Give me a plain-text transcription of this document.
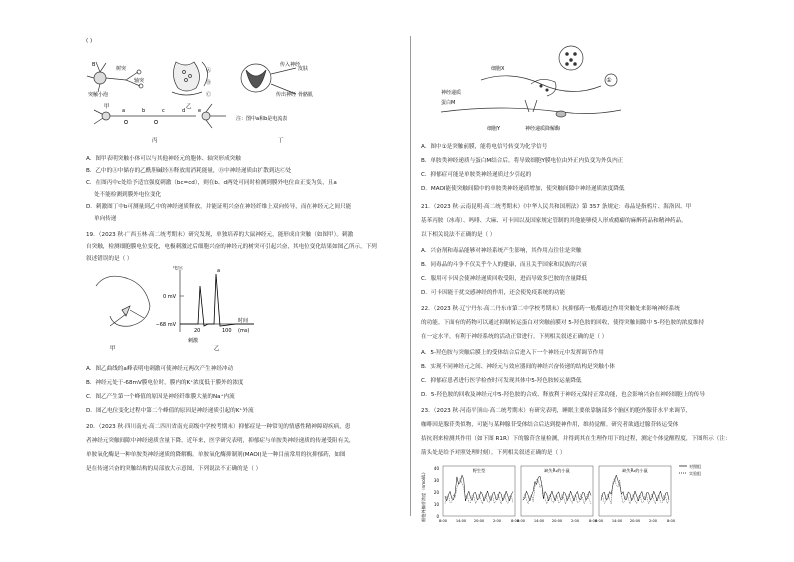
( )
B
树突
轴突
突触小泡
甲
Ⓐ
Ⓑ
Ⓒ
乙
传入神经
皮肤
传出神经 骨骼肌
注：图中a和b是电流表
丁
a	b	c	d	e
丙
A．图甲表明突触小体可以与其他神经元的胞体、轴突形成突触
B．乙中的Ⓐ中储存的乙酰胆碱经Ⓑ释放需消耗能量，Ⓑ中神经递质由扩散到达Ⓒ处
C．在图丙中c处给予适宜强度刺激（bc=cd），则在b、d两处可同时检测到膜外电位由正变为负，且a
处不能检测到膜外电位变化
D．刺激图丁中b可测量到乙中的神经递质释放，并能证明兴奋在神经纤维上双向传导，而在神经元之间只能
单向传递
19．（2023 秋·广西玉林·高二统考期末）研究发现，单独培养的大鼠神经元，能形成自突触（如图甲）。刺激
自突触，检测细胞膜电位变化，电极刺激过后细胞兴奋的神经元的树突可引起兴奋，其电位变化结果如图乙所示，下列
叙述错误的是（ ）
甲
电位
0 mV
−68 mV
a
20	100 (ms)
时间
刺激
乙
A．图乙曲线的a峰表明电刺激可使神经元两次产生神经冲动
B．神经元处于-68mV膜电位时，膜内的K⁺浓度低于膜外的浓度
C．图乙产生第一个峰值的原因是神经纤维膜大量的Na⁺内流
D．图乙电位变化过程中第二个峰值的原因是神经递质引起的K⁺外流
20．（2023 秋·四川南充·高二四川省南充高级中学校考期末）抑郁症是一种常见的情感性精神障碍疾病，患
者神经元突触间隙中神经递质含量下降。近年来，医学研究表明，抑郁症与单胺类神经递质的传递受阻有关，
单胺氧化酶是一种单胺类神经递质的降解酶。单胺氧化酶抑制剂(MAOI)是一种目前常用的抗抑郁药，如图
是在传递兴奋的突触结构的局部放大示意图，下列说法不正确的是（ ）
①
细胞X
神经递质
蛋白M
细胞Y	神经递质降解酶
A．图中①是突触前膜，能将电信号转变为化学信号
B．单胺类神经递质与蛋白M结合后，将导致细胞Y膜电位由外正内负变为外负内正
C．抑郁症可能是单胺类神经递质过少引起的
D．MAOI能使突触间隙中的单胺类神经递质增加，使突触间隙中神经递质浓度降低
21．（2023 秋·云南昆明·高二统考期末）《中华人民共和国刑法》第 357 条规定：毒品是指鸦片、海洛因、甲
基苯丙胺（冰毒）、吗啡、大麻、可卡因以及国家规定管制的其他能够使人形成瘾癖的麻醉药品和精神药品。
以下相关说法不正确的是（ ）
A．兴奋剂和毒品能够对神经系统产生影响，其作用点往往是突触
B．同毒品的斗争不仅关乎个人的健康，而且关乎国家和民族的兴衰
C．服用可卡因会使神经递质回收受阻，进而导致多巴胺的含量降低
D．可卡因能干扰交感神经的作用，还会使免疫系统的功能
22．（2023 秋·辽宁丹东·高二丹东市第二中学校考期末）抗抑郁药一般都通过作用突触处来影响神经系统
的功能。下面有的药物可以通过抑制转运蛋白对突触前膜对 5-羟色胺的回收，使得突触间隙中 5-羟色胺的浓度维持
在一定水平，有利于神经系统的活动正常进行。下列相关叙述正确的是（ ）
A．5-羟色胺与突触后膜上的受体结合后进入下一个神经元中发挥调节作用
B．实现不同神经元之间、神经元与效应器间的神经兴奋传递的结构是突触小体
C．抑郁症患者进行医学检查时可发现其体中5-羟色胺转运量降低
D．5-羟色胺的回收及神经元中5-羟色胺的合成、释放利于神经元保持正常功能，也会影响兴奋在神经细胞上的传导
23．（2023 秋·河南平顶山·高二统考期末）有研究表明，睡眠主要依靠脑部多个脑区的胞外腺苷水平来调节，
咖啡因是腺苷类似物，可能与某种腺苷受体结合后达到提神作用，维持觉醒。研究者欲通过腺苷转运受体
拮抗剂来检测其作用（如下图 R1R）下的腺苷含量检测，并得到其在生理作用下的过程，测定个体觉醒程度，下图所示（注：
箭头处是给予对照处理时刻）。下列相关叙述正确的是（ ）
细胞外腺苷浓度（nmol/L）
40
30
20
10
0
野生型
8:00 14:00 20:00 2:00	8:00
缺失R₁的小鼠
8:00 14:00 20:00 2:00	8:00
缺失R₂的小鼠
8:00 14:00 20:00 2:00	8:00
对照组
实验组
